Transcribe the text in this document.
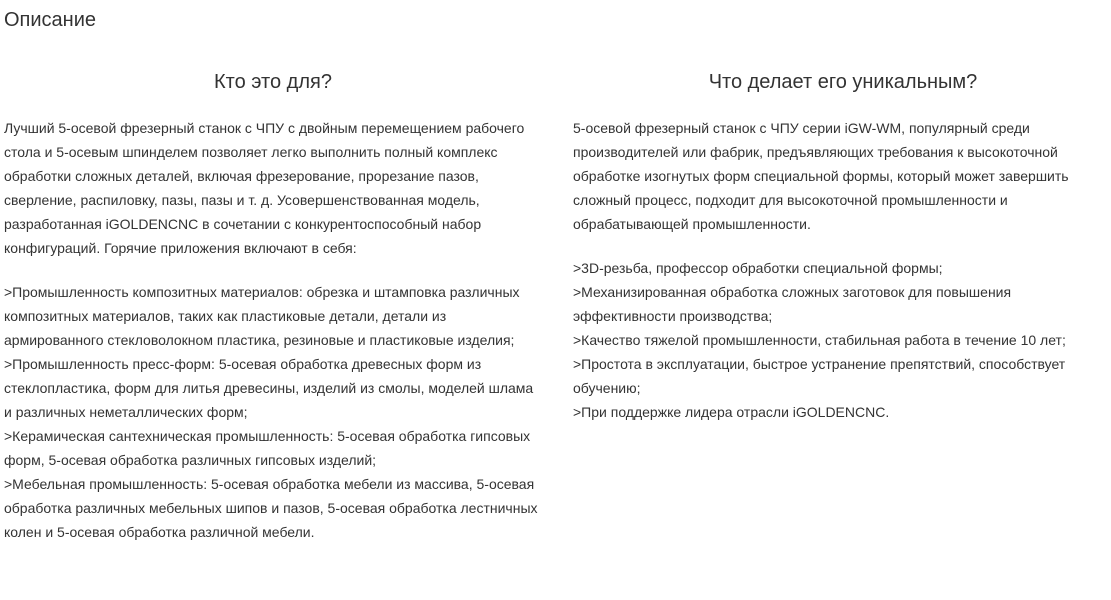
Описание
Кто это для?

Лучший 5-осевой фрезерный станок с ЧПУ с двойным перемещением рабочего стола и 5-осевым шпинделем позволяет легко выполнить полный комплекс обработки сложных деталей, включая фрезерование, прорезание пазов, сверление, распиловку, пазы, пазы и т. д. Усовершенствованная модель, разработанная iGOLDENCNC в сочетании с конкурентоспособный набор конфигураций. Горячие приложения включают в себя:

>Промышленность композитных материалов: обрезка и штамповка различных композитных материалов, таких как пластиковые детали, детали из армированного стекловолокном пластика, резиновые и пластиковые изделия;
>Промышленность пресс-форм: 5-осевая обработка древесных форм из стеклопластика, форм для литья древесины, изделий из смолы, моделей шлама и различных неметаллических форм;
>Керамическая сантехническая промышленность: 5-осевая обработка гипсовых форм, 5-осевая обработка различных гипсовых изделий;
>Мебельная промышленность: 5-осевая обработка мебели из массива, 5-осевая обработка различных мебельных шипов и пазов, 5-осевая обработка лестничных колен и 5-осевая обработка различной мебели.
Что делает его уникальным?

5-осевой фрезерный станок с ЧПУ серии iGW-WM, популярный среди производителей или фабрик, предъявляющих требования к высокоточной обработке изогнутых форм специальной формы, который может завершить сложный процесс, подходит для высокоточной промышленности и обрабатывающей промышленности.

>3D-резьба, профессор обработки специальной формы;
>Механизированная обработка сложных заготовок для повышения эффективности производства;
>Качество тяжелой промышленности, стабильная работа в течение 10 лет;
>Простота в эксплуатации, быстрое устранение препятствий, способствует обучению;
>При поддержке лидера отрасли iGOLDENCNC.
